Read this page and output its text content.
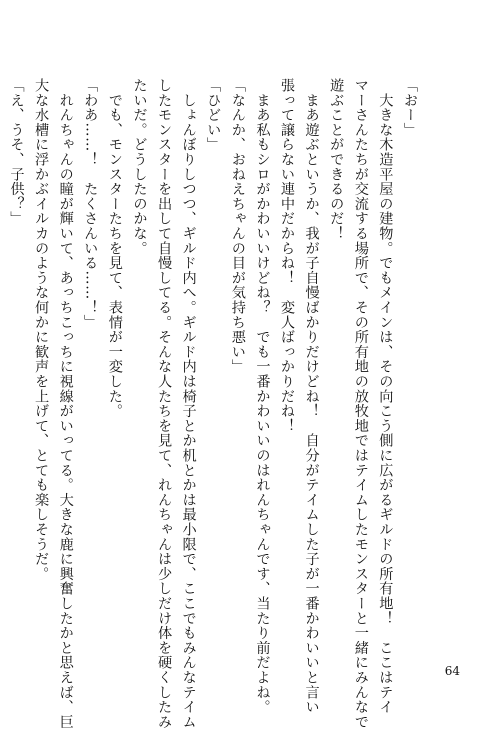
「おー」
　大きな木造平屋の建物。でもメインは、その向こう側に広がるギルドの所有地！　ここはテイ
マーさんたちが交流する場所で、その所有地の放牧地ではテイムしたモンスターと一緒にみんなで
遊ぶことができるのだ！
　まあ遊ぶというか、我が子自慢ばかりだけどね！　自分がテイムした子が一番かわいいと言い
張って譲らない連中だからね！　変人ばっかりだね！
　まあ私もシロがかわいいけどね？　でも一番かわいいのはれんちゃんです、当たり前だよね。
「なんか、おねえちゃんの目が気持ち悪い」
「ひどい」
　しょんぼりしつつ、ギルド内へ。ギルド内は椅子とか机とかは最小限で、ここでもみんなテイム
したモンスターを出して自慢してる。そんな人たちを見て、れんちゃんは少しだけ体を硬くしたみ
たいだ。どうしたのかな。
　でも、モンスターたちを見て、表情が一変した。
「わあ……！　たくさんいる……！」
　れんちゃんの瞳が輝いて、あっちこっちに視線がいってる。大きな鹿に興奮したかと思えば、巨
大な水槽に浮かぶイルカのような何かに歓声を上げて、とても楽しそうだ。
「え、うそ、子供？」
64
